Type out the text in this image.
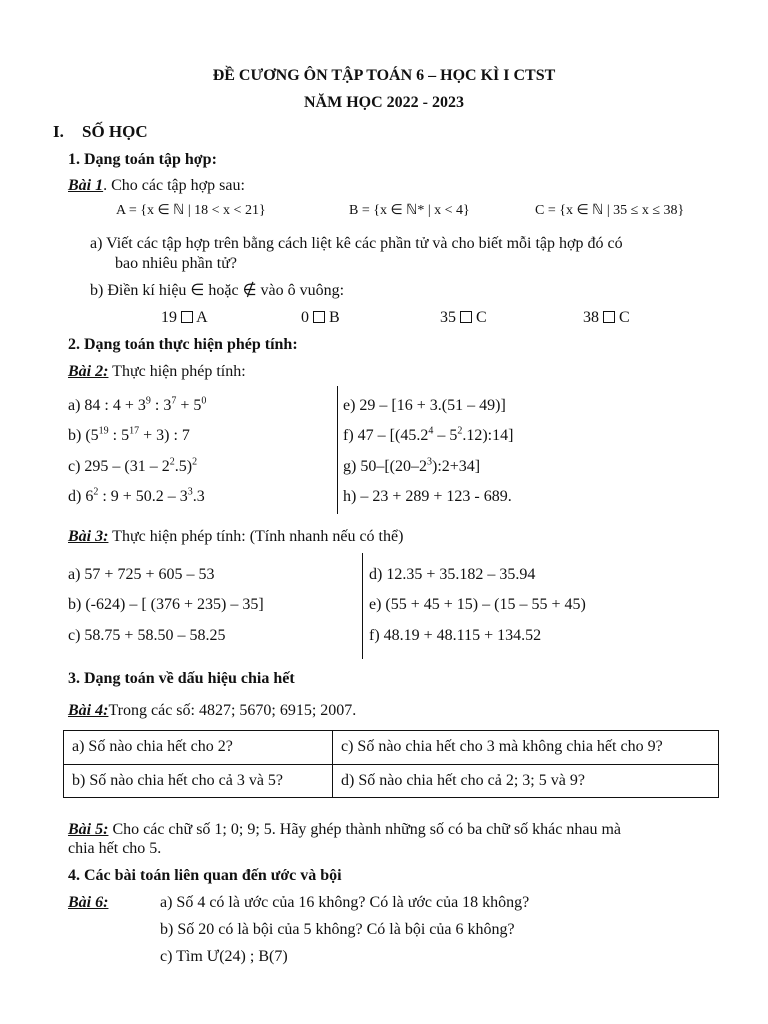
ĐỀ CƯƠNG ÔN TẬP TOÁN 6 – HỌC KÌ I CTST
NĂM HỌC 2022 - 2023
I. SỐ HỌC
1. Dạng toán tập hợp:
Bài 1. Cho các tập hợp sau:
A = {x ∈ ℕ | 18 < x < 21}	B = {x ∈ ℕ* | x < 4}	C = {x ∈ ℕ | 35 ≤ x ≤ 38}
a) Viết các tập hợp trên bằng cách liệt kê các phần tử và cho biết mỗi tập hợp đó có
bao nhiêu phần tử?
b) Điền kí hiệu ∈ hoặc ∉ vào ô vuông:
19 A	0 B	35 C	38 C
2. Dạng toán thực hiện phép tính:
Bài 2: Thực hiện phép tính:
a) 84 : $4 + 3^9$ : $3^7 + 5^0$
b) ($5^{19}$ : $5^{17} + 3$) : 7
c) $295 - (31 - 2^2.5)^2$
d) $6^2$ : $9 + 50.2 - 3^3.3$
e) 29 – [16 + 3.(51 – 49)]
f) $47 - [(45.2^4 - 5^2.12):14]$
g) $50-[(20-2^3):2+34]$
h) – 23 + 289 + 123 - 689.
Bài 3: Thực hiện phép tính: (Tính nhanh nếu có thể)
a) 57 + 725 + 605 – 53
b) (-624) – [ (376 + 235) – 35]
c) 58.75 + 58.50 – 58.25
d) 12.35 + 35.182 – 35.94
e) (55 + 45 + 15) – (15 – 55 + 45)
f) 48.19 + 48.115 + 134.52
3. Dạng toán về dấu hiệu chia hết
Bài 4:Trong các số: 4827; 5670; 6915; 2007.
a) Số nào chia hết cho 2?	c) Số nào chia hết cho 3 mà không chia hết cho 9?
b) Số nào chia hết cho cả 3 và 5?	d) Số nào chia hết cho cả 2; 3; 5 và 9?
Bài 5: Cho các chữ số 1; 0; 9; 5. Hãy ghép thành những số có ba chữ số khác nhau mà
chia hết cho 5.
4. Các bài toán liên quan đến ước và bội
Bài 6:	a) Số 4 có là ước của 16 không? Có là ước của 18 không?
b) Số 20 có là bội của 5 không? Có là bội của 6 không?
c) Tìm Ư(24) ; B(7)
